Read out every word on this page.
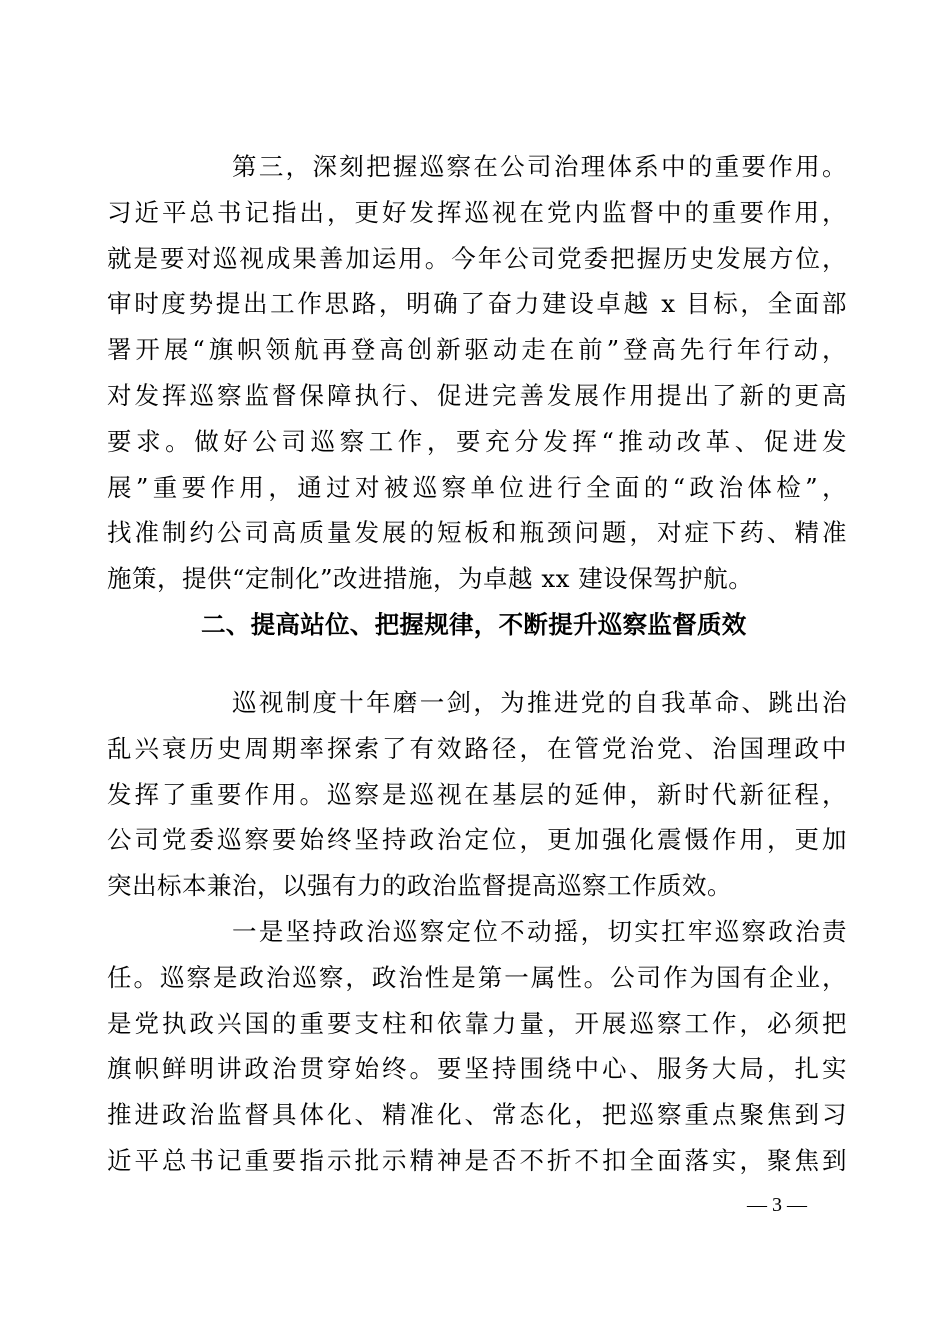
第三，深刻把握巡察在公司治理体系中的重要作用。
习近平总书记指出，更好发挥巡视在党内监督中的重要作用，
就是要对巡视成果善加运用。今年公司党委把握历史发展方位，
审时度势提出工作思路，明确了奋力建设卓越 x 目标，全面部
署开展“旗帜领航再登高创新驱动走在前”登高先行年行动，
对发挥巡察监督保障执行、促进完善发展作用提出了新的更高
要求。做好公司巡察工作，要充分发挥“推动改革、促进发
展”重要作用，通过对被巡察单位进行全面的“政治体检”，
找准制约公司高质量发展的短板和瓶颈问题，对症下药、精准
施策，提供“定制化”改进措施，为卓越 xx 建设保驾护航。
二、提高站位、把握规律，不断提升巡察监督质效
巡视制度十年磨一剑，为推进党的自我革命、跳出治
乱兴衰历史周期率探索了有效路径，在管党治党、治国理政中
发挥了重要作用。巡察是巡视在基层的延伸，新时代新征程，
公司党委巡察要始终坚持政治定位，更加强化震慑作用，更加
突出标本兼治，以强有力的政治监督提高巡察工作质效。
一是坚持政治巡察定位不动摇，切实扛牢巡察政治责
任。巡察是政治巡察，政治性是第一属性。公司作为国有企业，
是党执政兴国的重要支柱和依靠力量，开展巡察工作，必须把
旗帜鲜明讲政治贯穿始终。要坚持围绕中心、服务大局，扎实
推进政治监督具体化、精准化、常态化，把巡察重点聚焦到习
近平总书记重要指示批示精神是否不折不扣全面落实，聚焦到
— 3 —
